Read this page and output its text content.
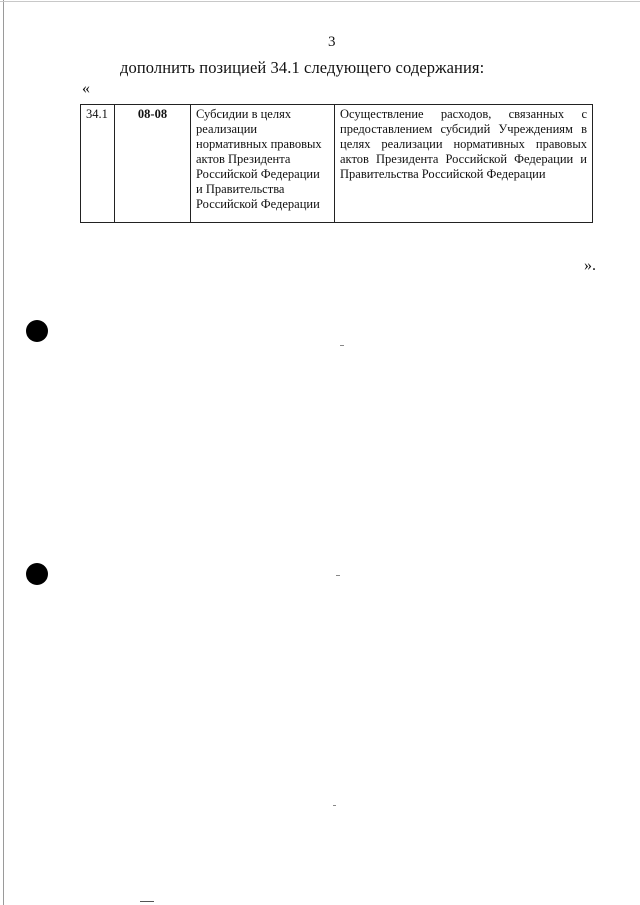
3
дополнить позицией 34.1 следующего содержания:
«
34.1	08-08	Субсидии в целях реализации нормативных правовых актов Президента Российской Федерации и Правительства Российской Федерации	Осуществление расходов, связанных с предоставлением субсидий Учреждениям в целях реализации нормативных правовых актов Президента Российской Федерации и Правительства Российской Федерации
».
